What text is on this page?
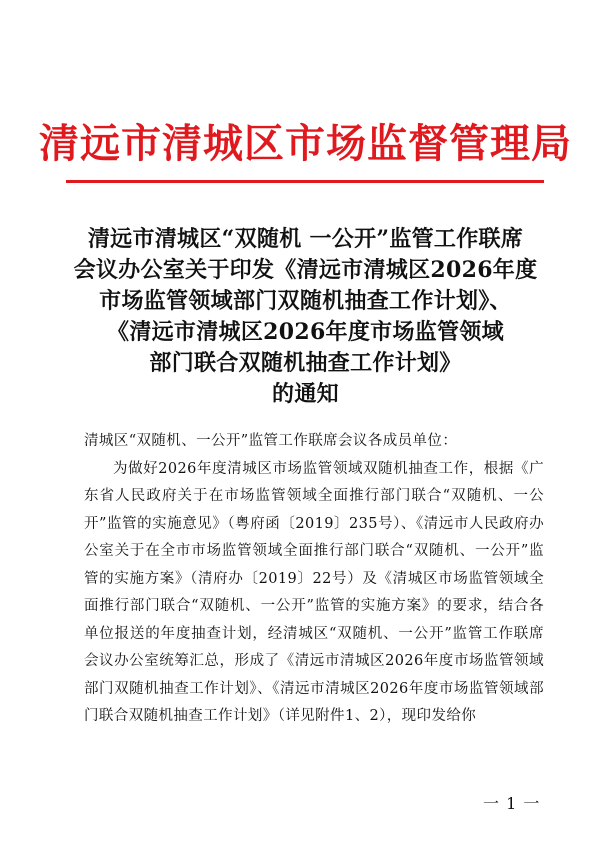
清远市清城区市场监督管理局
清远市清城区“双随机 一公开”监管工作联席
会议办公室关于印发《清远市清城区2026年度
市场监管领域部门双随机抽查工作计划》、
《清远市清城区2026年度市场监管领域
部门联合双随机抽查工作计划》
的通知

清城区“双随机、一公开”监管工作联席会议各成员单位：

为做好2026年度清城区市场监管领域双随机抽查工作，根据《广东省人民政府关于在市场监管领域全面推行部门联合“双随机、一公开”监管的实施意见》（粤府函〔2019〕235号）、《清远市人民政府办公室关于在全市市场监管领域全面推行部门联合“双随机、一公开”监管的实施方案》（清府办〔2019〕22号）及《清城区市场监管领域全面推行部门联合“双随机、一公开”监管的实施方案》的要求，结合各单位报送的年度抽查计划，经清城区“双随机、一公开”监管工作联席会议办公室统筹汇总，形成了《清远市清城区2026年度市场监管领域部门双随机抽查工作计划》、《清远市清城区2026年度市场监管领域部门联合双随机抽查工作计划》（详见附件1、2），现印发给你

一 1 一
